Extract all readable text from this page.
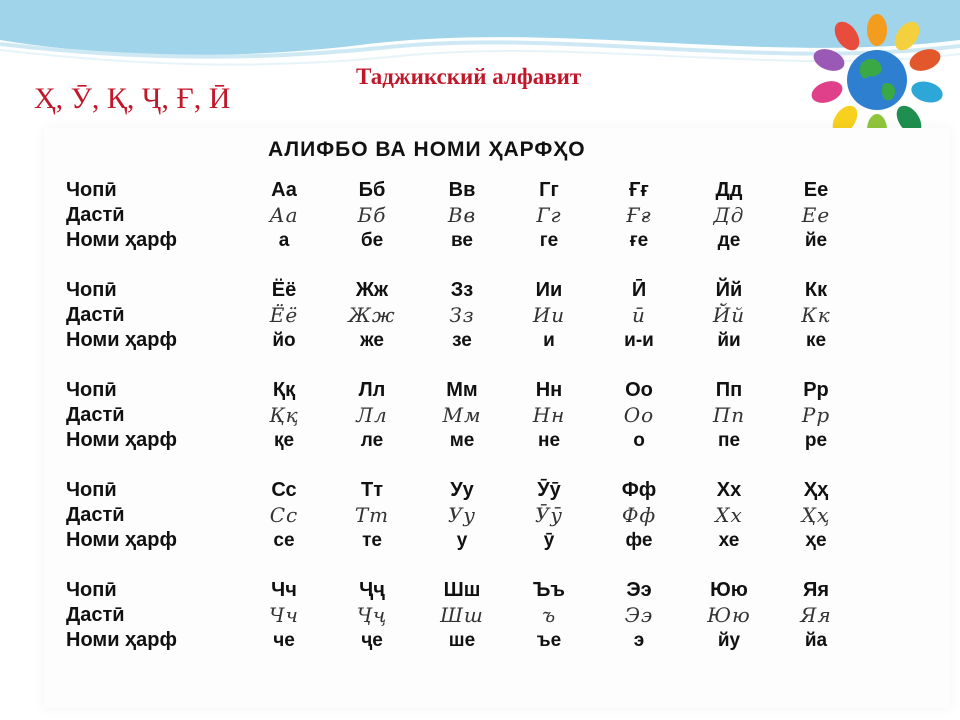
Ҳ, Ӯ, Қ, Ҷ, Ғ, Ӣ
Таджикский алфавит
АЛИФБО ВА НОМИ ҲАРФҲО
Чопӣ
Дастӣ
Номи ҳарф
Аа
Аа
а
Бб
Бб
бе
Вв
Вв
ве
Гг
Гг
ге
Ғғ
Ғғ
ғе
Дд
Дд
де
Ее
Ее
йе
Чопӣ
Дастӣ
Номи ҳарф
Ёё
Ёё
йо
Жж
Жж
же
Зз
Зз
зе
Ии
Ии
и
Ӣ
ӣ
и-и
Йй
Йй
йи
Кк
Кк
ке
Чопӣ
Дастӣ
Номи ҳарф
Ққ
Ққ
қе
Лл
Лл
ле
Мм
Мм
ме
Нн
Нн
не
Оо
Оо
о
Пп
Пп
пе
Рр
Рр
ре
Чопӣ
Дастӣ
Номи ҳарф
Сс
Сс
се
Тт
Тт
те
Уу
Уу
у
Ӯӯ
Ӯӯ
ӯ
Фф
Фф
фе
Хх
Хх
хе
Ҳҳ
Ҳҳ
ҳе
Чопӣ
Дастӣ
Номи ҳарф
Чч
Чч
че
Ҷҷ
Ҷҷ
ҷе
Шш
Шш
ше
Ъъ
ъ
ъе
Ээ
Ээ
э
Юю
Юю
йу
Яя
Яя
йа
